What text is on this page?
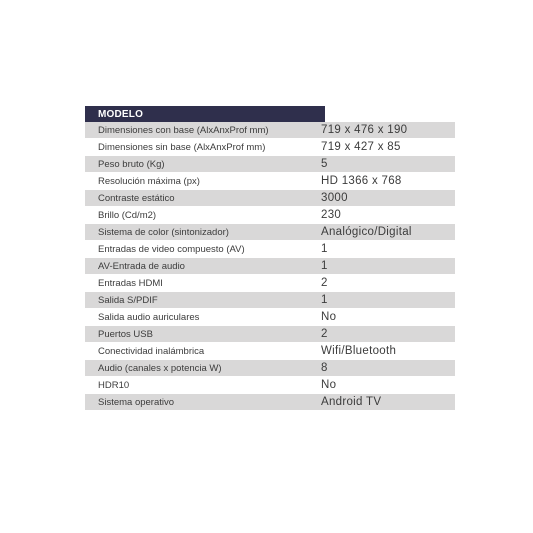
MODELO
Dimensiones con base (AlxAnxProf mm)	719 x 476 x 190
Dimensiones sin base (AlxAnxProf mm)	719 x 427 x 85
Peso bruto (Kg)	5
Resolución máxima (px)	HD 1366 x 768
Contraste estático	3000
Brillo (Cd/m2)	230
Sistema de color (sintonizador)	Analógico/Digital
Entradas de video compuesto (AV)	1
AV-Entrada de audio	1
Entradas HDMI	2
Salida S/PDIF	1
Salida audio auriculares	No
Puertos USB	2
Conectividad inalámbrica	Wifi/Bluetooth
Audio (canales x potencia W)	8
HDR10	No
Sistema operativo	Android TV
